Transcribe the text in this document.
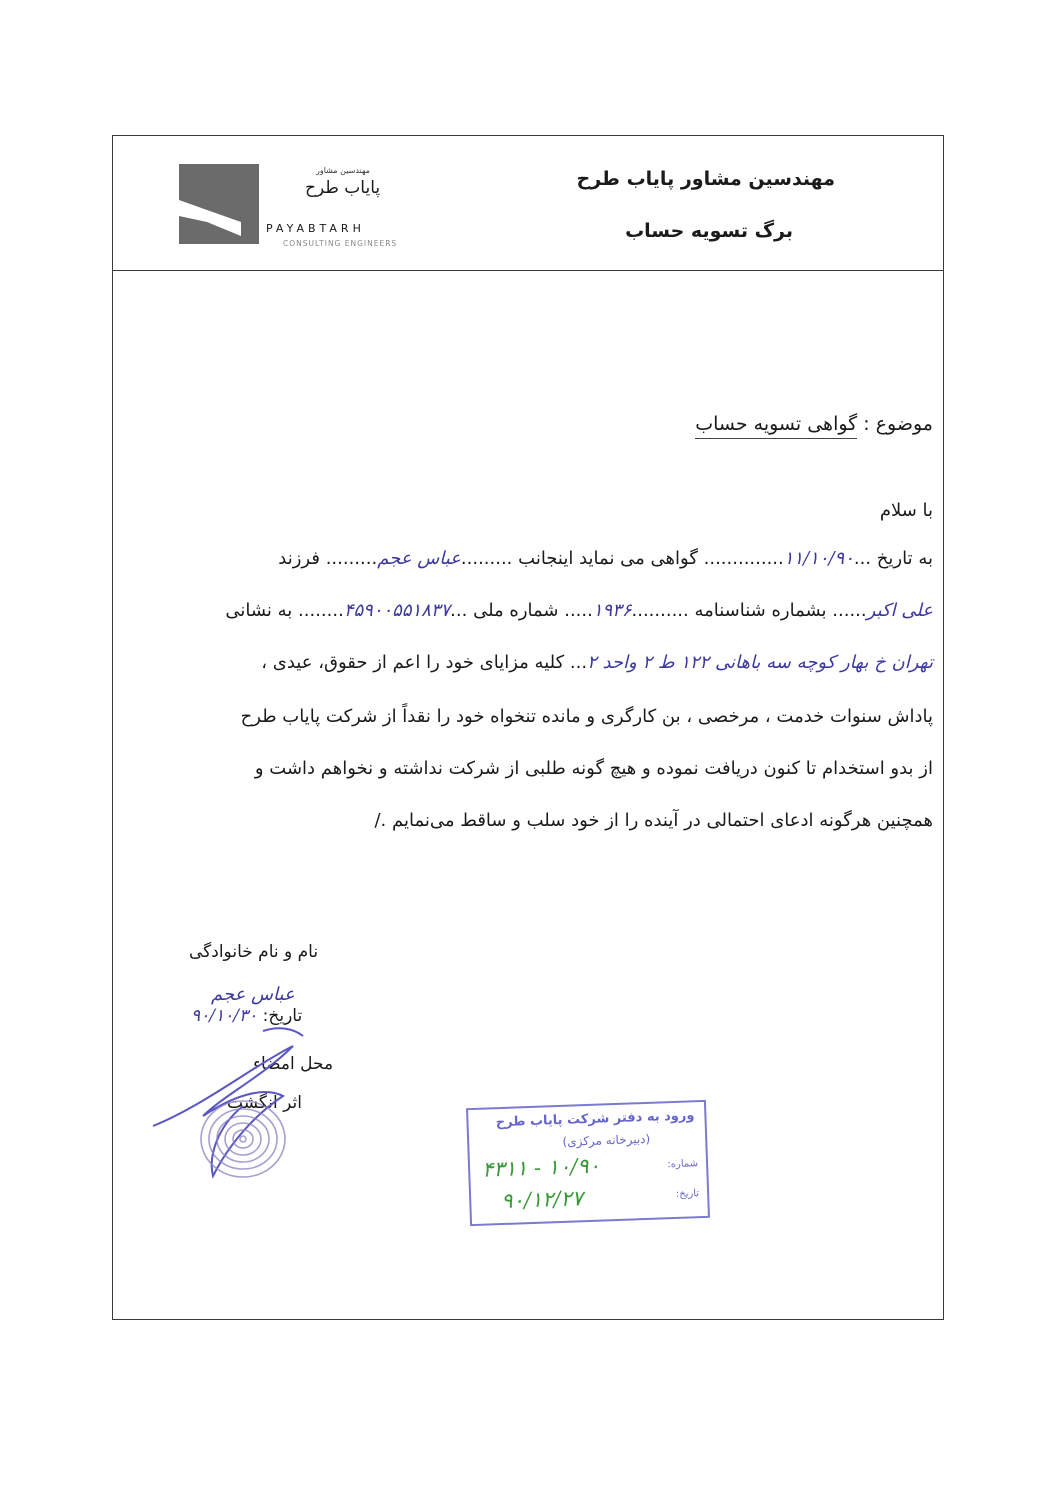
مهندسین مشاور پایاب طرح
برگ تسویه حساب
مهندسین مشاور
پایاب طرح
PAYABTARH
CONSULTING ENGINEERS
موضوع : گواهی تسویه حساب
با سلام
به تاریخ ...۱۱/۱۰/۹۰.............. گواهی می نماید اینجانب .........عباس عجم......... فرزند
علی اکبر...... بشماره شناسنامه ..........۱۹۳۶..... شماره ملی ...۴۵۹۰۰۵۵۱۸۳۷........ به نشانی
تهران خ بهار کوچه سه باهانی ۱۲۲ ط ۲ واحد ۲... کلیه مزایای خود را اعم از حقوق، عیدی ،
پاداش سنوات خدمت ، مرخصی ، بن کارگری و مانده تنخواه خود را نقداً از شرکت پایاب طرح
از بدو استخدام تا کنون دریافت نموده و هیچ گونه طلبی از شرکت نداشته و نخواهم داشت و
همچنین هرگونه ادعای احتمالی در آینده را از خود سلب و ساقط می‌نمایم ./
نام و نام خانوادگی
عباس عجم
تاریخ: ۹۰/۱۰/۳۰
محل امضاء
اثر انگشت
ورود به دفتر شرکت پایاب طرح
(دبیرخانه مرکزی)
شماره:
۴۳۱۱ - ۱۰/۹۰
تاریخ:
۹۰/۱۲/۲۷
